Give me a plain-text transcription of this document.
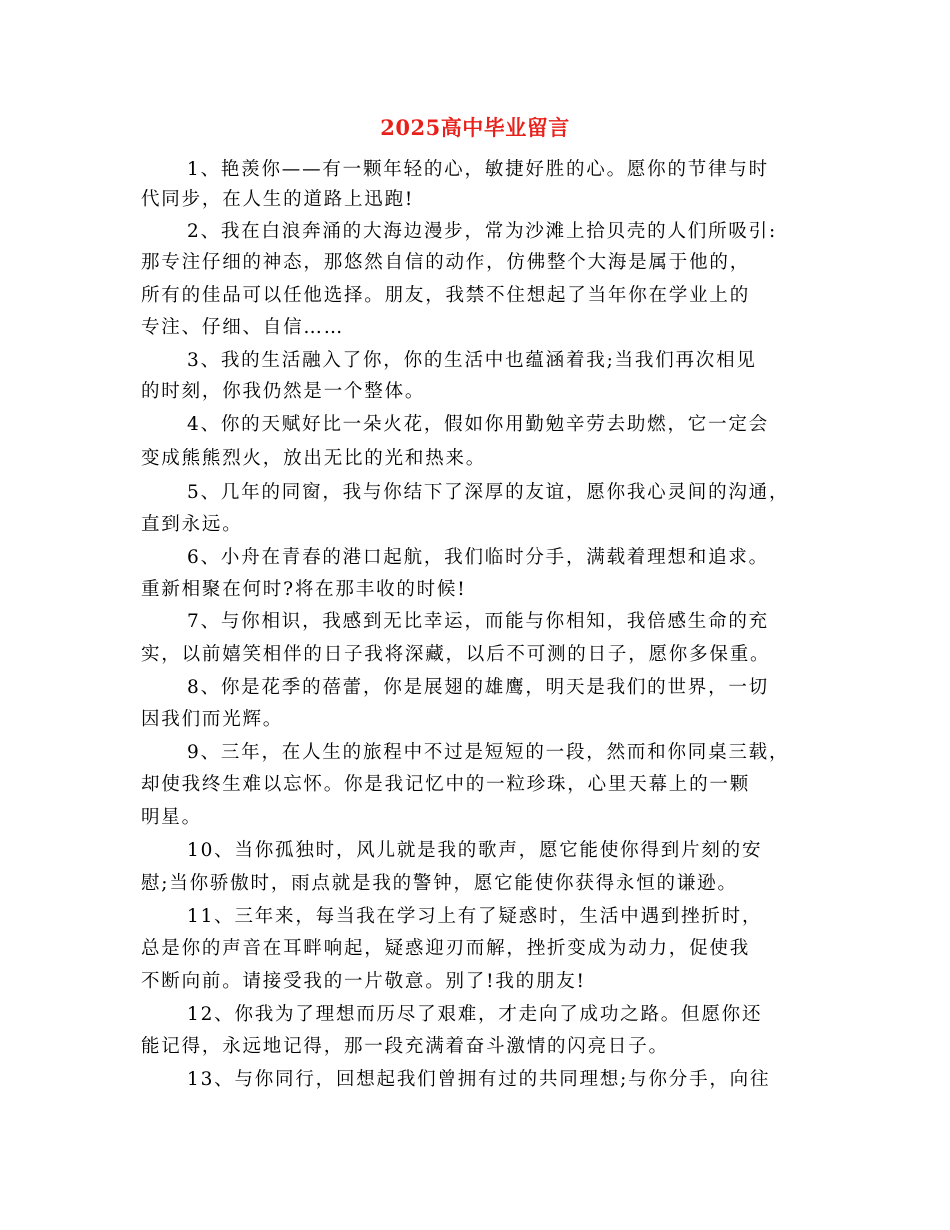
2025高中毕业留言
1、艳羡你——有一颗年轻的心，敏捷好胜的心。愿你的节律与时
代同步，在人生的道路上迅跑!
2、我在白浪奔涌的大海边漫步，常为沙滩上拾贝壳的人们所吸引:
那专注仔细的神态，那悠然自信的动作，仿佛整个大海是属于他的，
所有的佳品可以任他选择。朋友，我禁不住想起了当年你在学业上的
专注、仔细、自信……
3、我的生活融入了你，你的生活中也蕴涵着我;当我们再次相见
的时刻，你我仍然是一个整体。
4、你的天赋好比一朵火花，假如你用勤勉辛劳去助燃，它一定会
变成熊熊烈火，放出无比的光和热来。
5、几年的同窗，我与你结下了深厚的友谊，愿你我心灵间的沟通，
直到永远。
6、小舟在青春的港口起航，我们临时分手，满载着理想和追求。
重新相聚在何时?将在那丰收的时候!
7、与你相识，我感到无比幸运，而能与你相知，我倍感生命的充
实，以前嬉笑相伴的日子我将深藏，以后不可测的日子，愿你多保重。
8、你是花季的蓓蕾，你是展翅的雄鹰，明天是我们的世界，一切
因我们而光辉。
9、三年，在人生的旅程中不过是短短的一段，然而和你同桌三载，
却使我终生难以忘怀。你是我记忆中的一粒珍珠，心里天幕上的一颗
明星。
10、当你孤独时，风儿就是我的歌声，愿它能使你得到片刻的安
慰;当你骄傲时，雨点就是我的警钟，愿它能使你获得永恒的谦逊。
11、三年来，每当我在学习上有了疑惑时，生活中遇到挫折时，
总是你的声音在耳畔响起，疑惑迎刃而解，挫折变成为动力，促使我
不断向前。请接受我的一片敬意。别了!我的朋友!
12、你我为了理想而历尽了艰难，才走向了成功之路。但愿你还
能记得，永远地记得，那一段充满着奋斗激情的闪亮日子。
13、与你同行，回想起我们曾拥有过的共同理想;与你分手，向往
